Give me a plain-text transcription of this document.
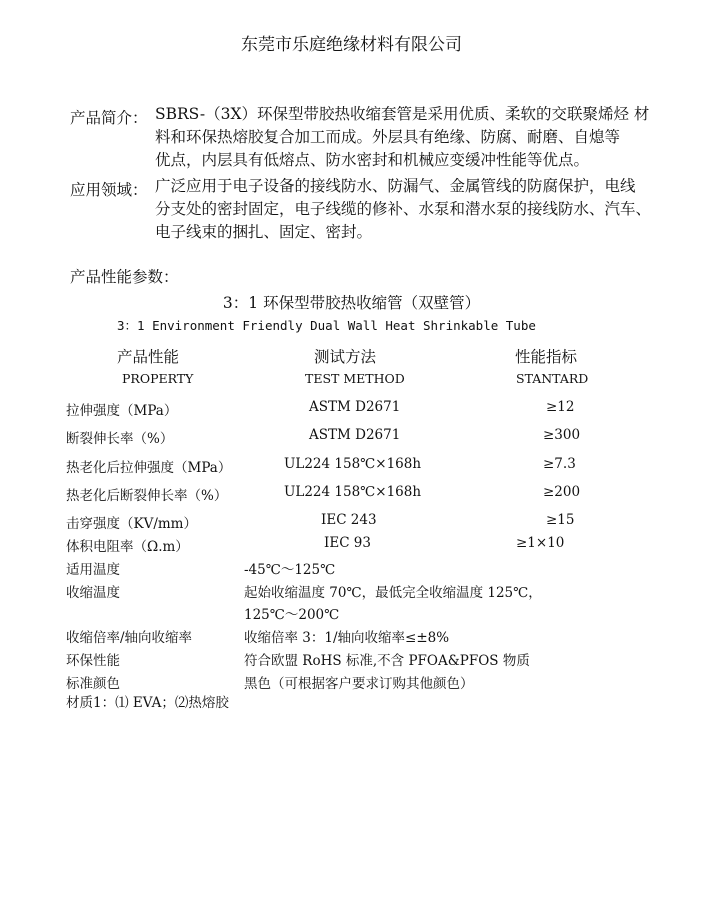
东莞市乐庭绝缘材料有限公司
产品简介： SBRS-（3X）环保型带胶热收缩套管是采用优质、柔软的交联聚烯烃 材
料和环保热熔胶复合加工而成。外层具有绝缘、防腐、耐磨、自熄等
优点，内层具有低熔点、防水密封和机械应变缓冲性能等优点。
应用领域： 广泛应用于电子设备的接线防水、防漏气、金属管线的防腐保护，电线
分支处的密封固定，电子线缆的修补、水泵和潜水泵的接线防水、汽车、
电子线束的捆扎、固定、密封。
产品性能参数：
3：1 环保型带胶热收缩管（双壁管）
3：1 Environment Friendly Dual Wall Heat Shrinkable Tube
产品性能	测试方法	性能指标
PROPERTY	TEST METHOD	STANTARD
拉伸强度（MPa）	ASTM D2671	≥12
断裂伸长率（%）	ASTM D2671	≥300
热老化后拉伸强度（MPa）	UL224 158℃×168h	≥7.3
热老化后断裂伸长率（%）	UL224 158℃×168h	≥200
击穿强度（KV/mm）	IEC 243	≥15
体积电阻率（Ω.m）	IEC 93	≥1×10
适用温度	-45℃～125℃
收缩温度	起始收缩温度 70℃，最低完全收缩温度 125℃，
125℃～200℃
收缩倍率/轴向收缩率	收缩倍率 3：1/轴向收缩率≤±8%
环保性能	符合欧盟 RoHS 标准,不含 PFOA&PFOS 物质
标准颜色	黑色（可根据客户要求订购其他颜色）
材质1：⑴ EVA；⑵热熔胶
